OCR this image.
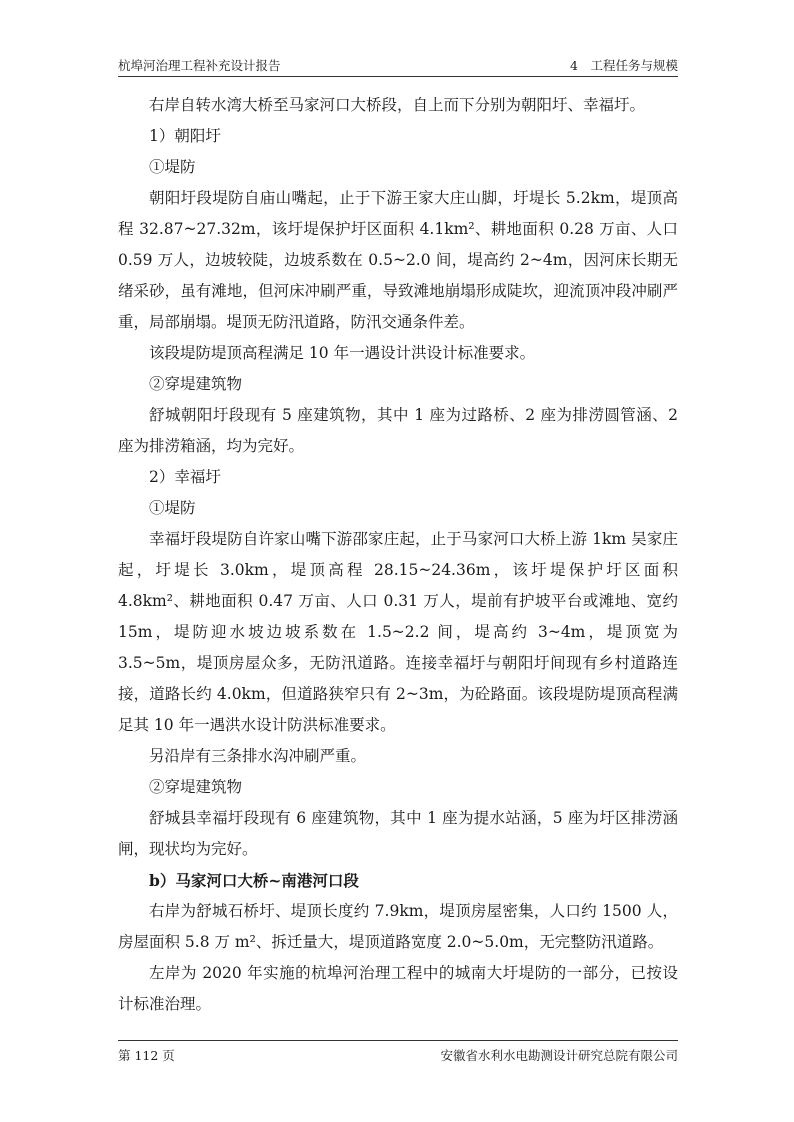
杭埠河治理工程补充设计报告	4　工程任务与规模

右岸自转水湾大桥至马家河口大桥段，自上而下分别为朝阳圩、幸福圩。

1）朝阳圩

①堤防

朝阳圩段堤防自庙山嘴起，止于下游王家大庄山脚，圩堤长 5.2km，堤顶高程 32.87~27.32m，该圩堤保护圩区面积 4.1km²、耕地面积 0.28 万亩、人口 0.59 万人，边坡较陡，边坡系数在 0.5~2.0 间，堤高约 2~4m，因河床长期无绪采砂，虽有滩地，但河床冲刷严重，导致滩地崩塌形成陡坎，迎流顶冲段冲刷严重，局部崩塌。堤顶无防汛道路，防汛交通条件差。

该段堤防堤顶高程满足 10 年一遇设计洪设计标准要求。

②穿堤建筑物

舒城朝阳圩段现有 5 座建筑物，其中 1 座为过路桥、2 座为排涝圆管涵、2 座为排涝箱涵，均为完好。

2）幸福圩

①堤防

幸福圩段堤防自许家山嘴下游邵家庄起，止于马家河口大桥上游 1km 吴家庄起，圩堤长 3.0km，堤顶高程 28.15~24.36m，该圩堤保护圩区面积 4.8km²、耕地面积 0.47 万亩、人口 0.31 万人，堤前有护坡平台或滩地、宽约 15m，堤防迎水坡边坡系数在 1.5~2.2 间，堤高约 3~4m，堤顶宽为 3.5~5m，堤顶房屋众多，无防汛道路。连接幸福圩与朝阳圩间现有乡村道路连接，道路长约 4.0km，但道路狭窄只有 2~3m，为砼路面。该段堤防堤顶高程满足其 10 年一遇洪水设计防洪标准要求。

另沿岸有三条排水沟冲刷严重。

②穿堤建筑物

舒城县幸福圩段现有 6 座建筑物，其中 1 座为提水站涵，5 座为圩区排涝涵闸，现状均为完好。

b）马家河口大桥~南港河口段

右岸为舒城石桥圩、堤顶长度约 7.9km，堤顶房屋密集，人口约 1500 人，房屋面积 5.8 万 m²、拆迁量大，堤顶道路宽度 2.0~5.0m，无完整防汛道路。

左岸为 2020 年实施的杭埠河治理工程中的城南大圩堤防的一部分，已按设计标准治理。

第 112 页	安徽省水利水电勘测设计研究总院有限公司
